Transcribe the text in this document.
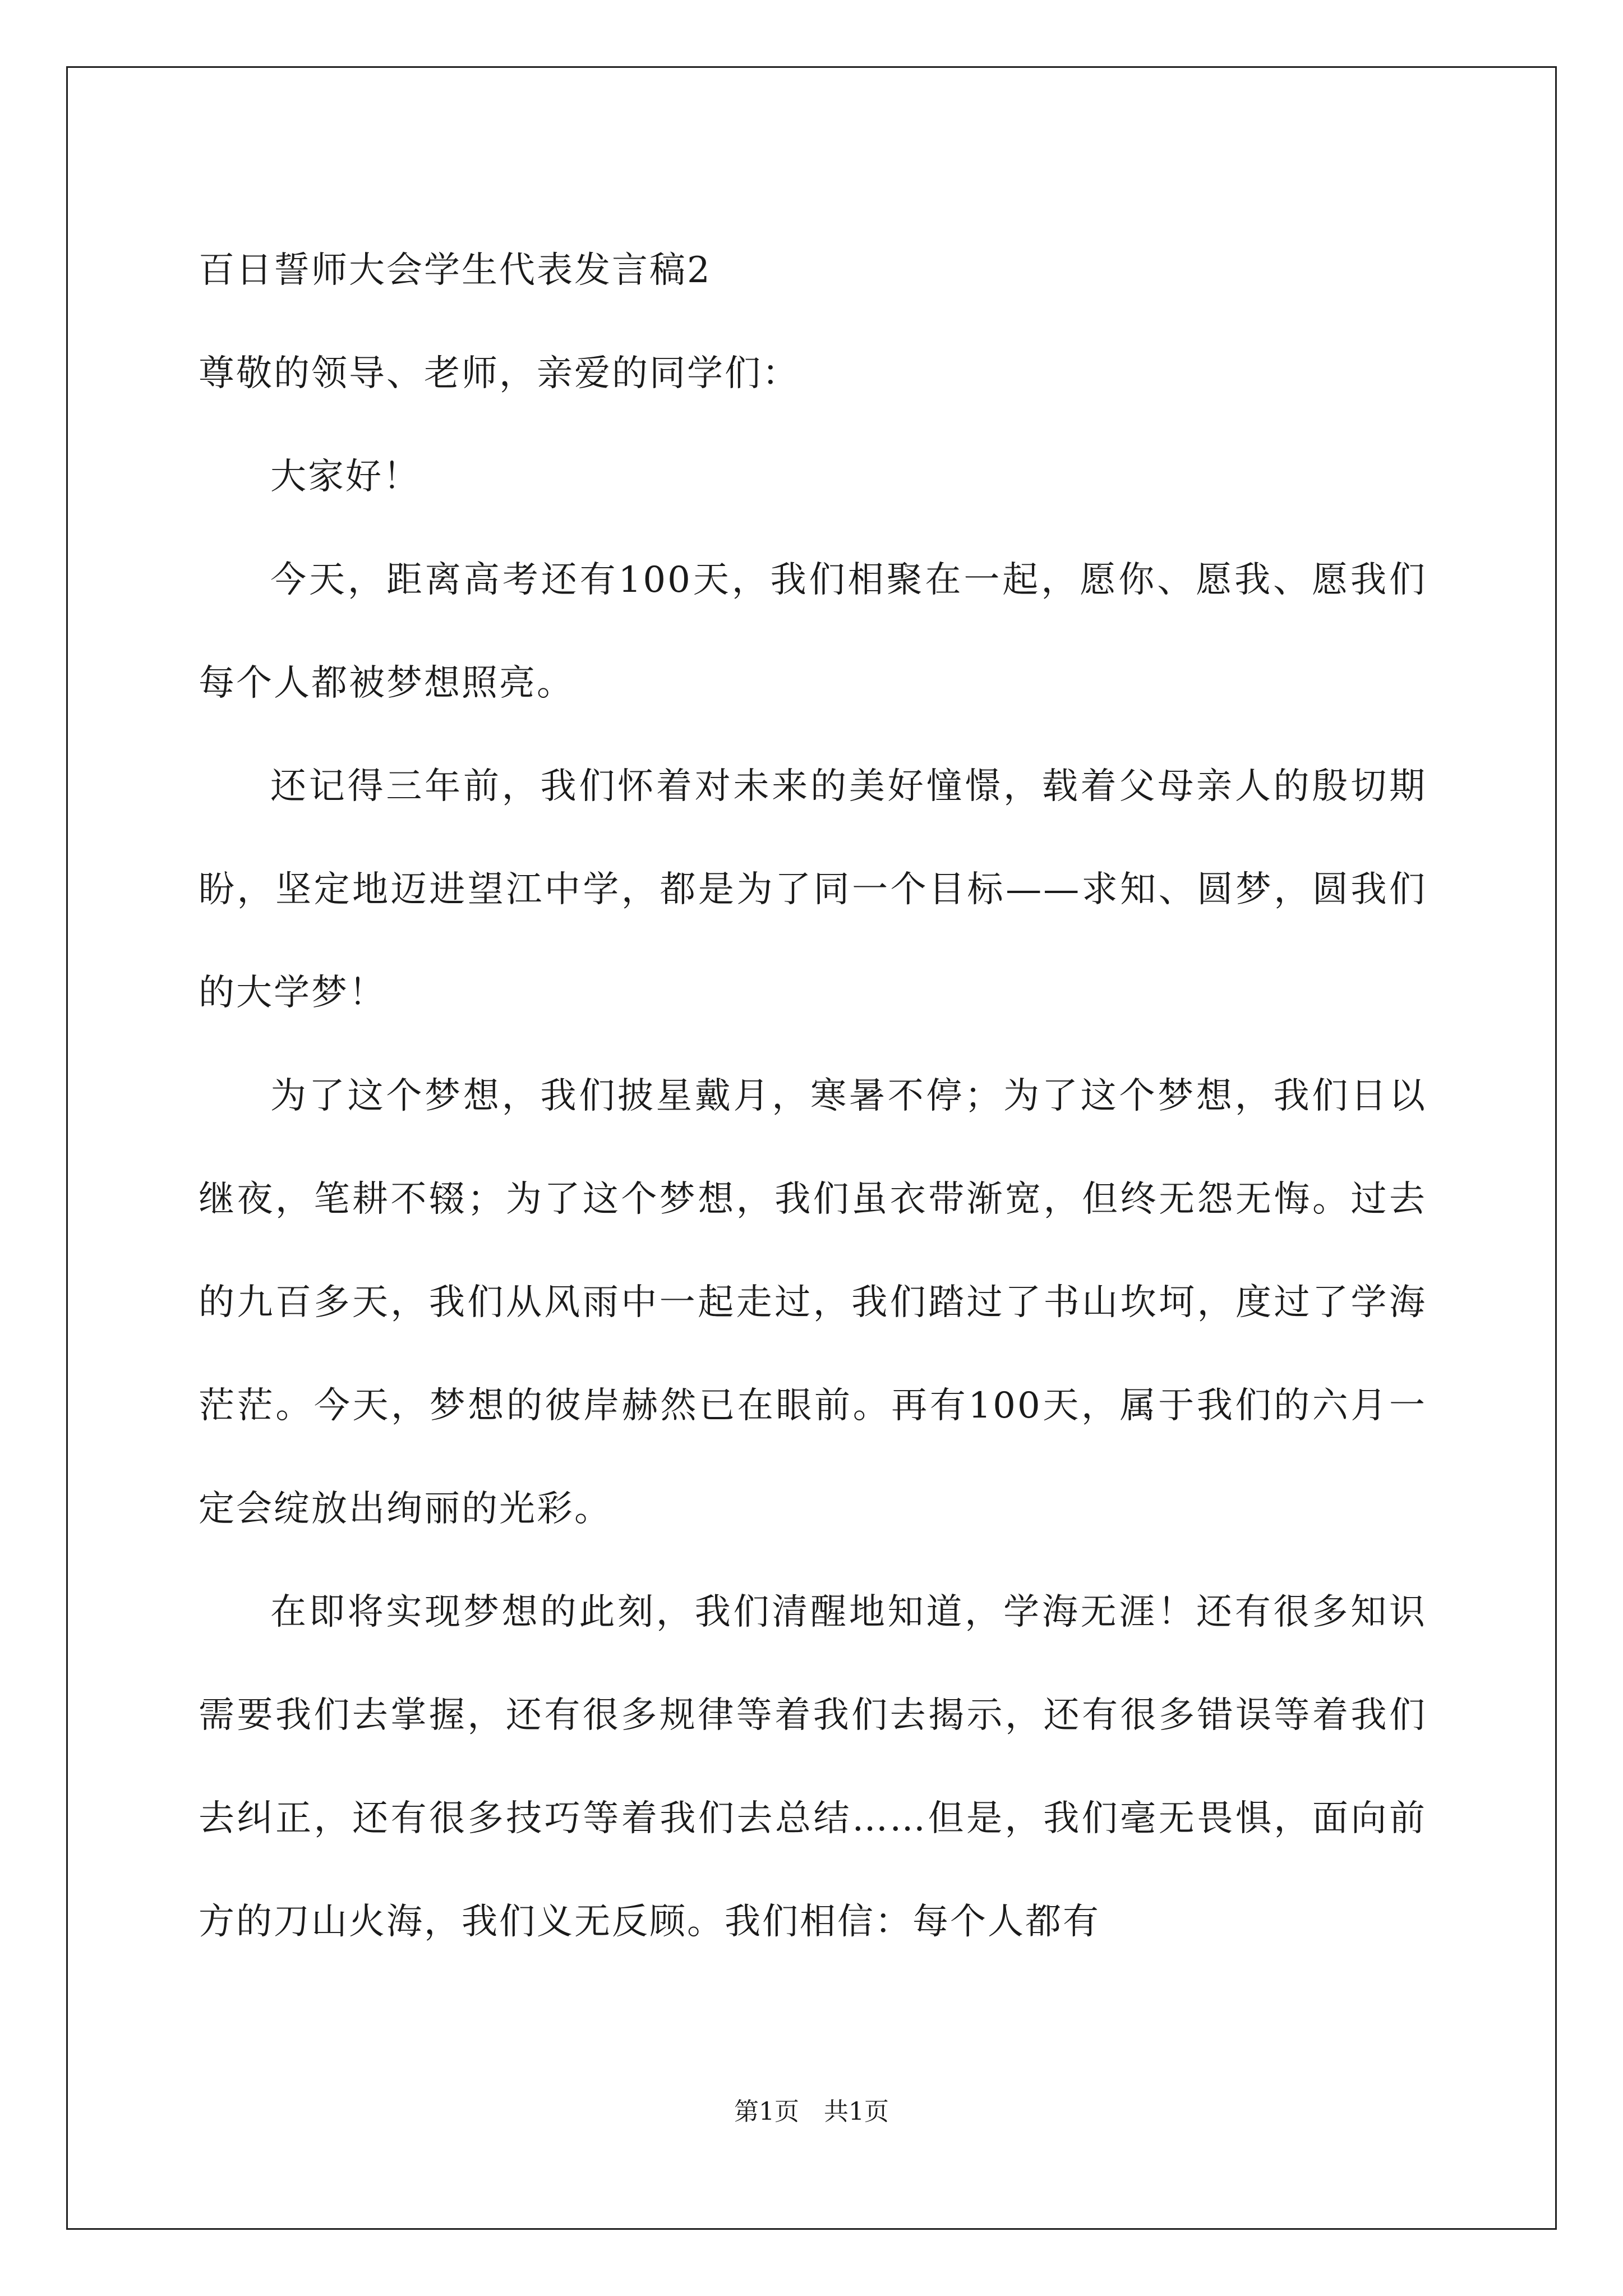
百日誓师大会学生代表发言稿2

尊敬的领导、老师，亲爱的同学们：

大家好！

今天，距离高考还有100天，我们相聚在一起，愿你、愿我、愿我们每个人都被梦想照亮。

还记得三年前，我们怀着对未来的美好憧憬，载着父母亲人的殷切期盼，坚定地迈进望江中学，都是为了同一个目标——求知、圆梦，圆我们的大学梦！

为了这个梦想，我们披星戴月，寒暑不停；为了这个梦想，我们日以继夜，笔耕不辍；为了这个梦想，我们虽衣带渐宽，但终无怨无悔。过去的九百多天，我们从风雨中一起走过，我们踏过了书山坎坷，度过了学海茫茫。今天，梦想的彼岸赫然已在眼前。再有100天，属于我们的六月一定会绽放出绚丽的光彩。

在即将实现梦想的此刻，我们清醒地知道，学海无涯！还有很多知识需要我们去掌握，还有很多规律等着我们去揭示，还有很多错误等着我们去纠正，还有很多技巧等着我们去总结……但是，我们毫无畏惧，面向前方的刀山火海，我们义无反顾。我们相信：每个人都有

第1页　共1页
